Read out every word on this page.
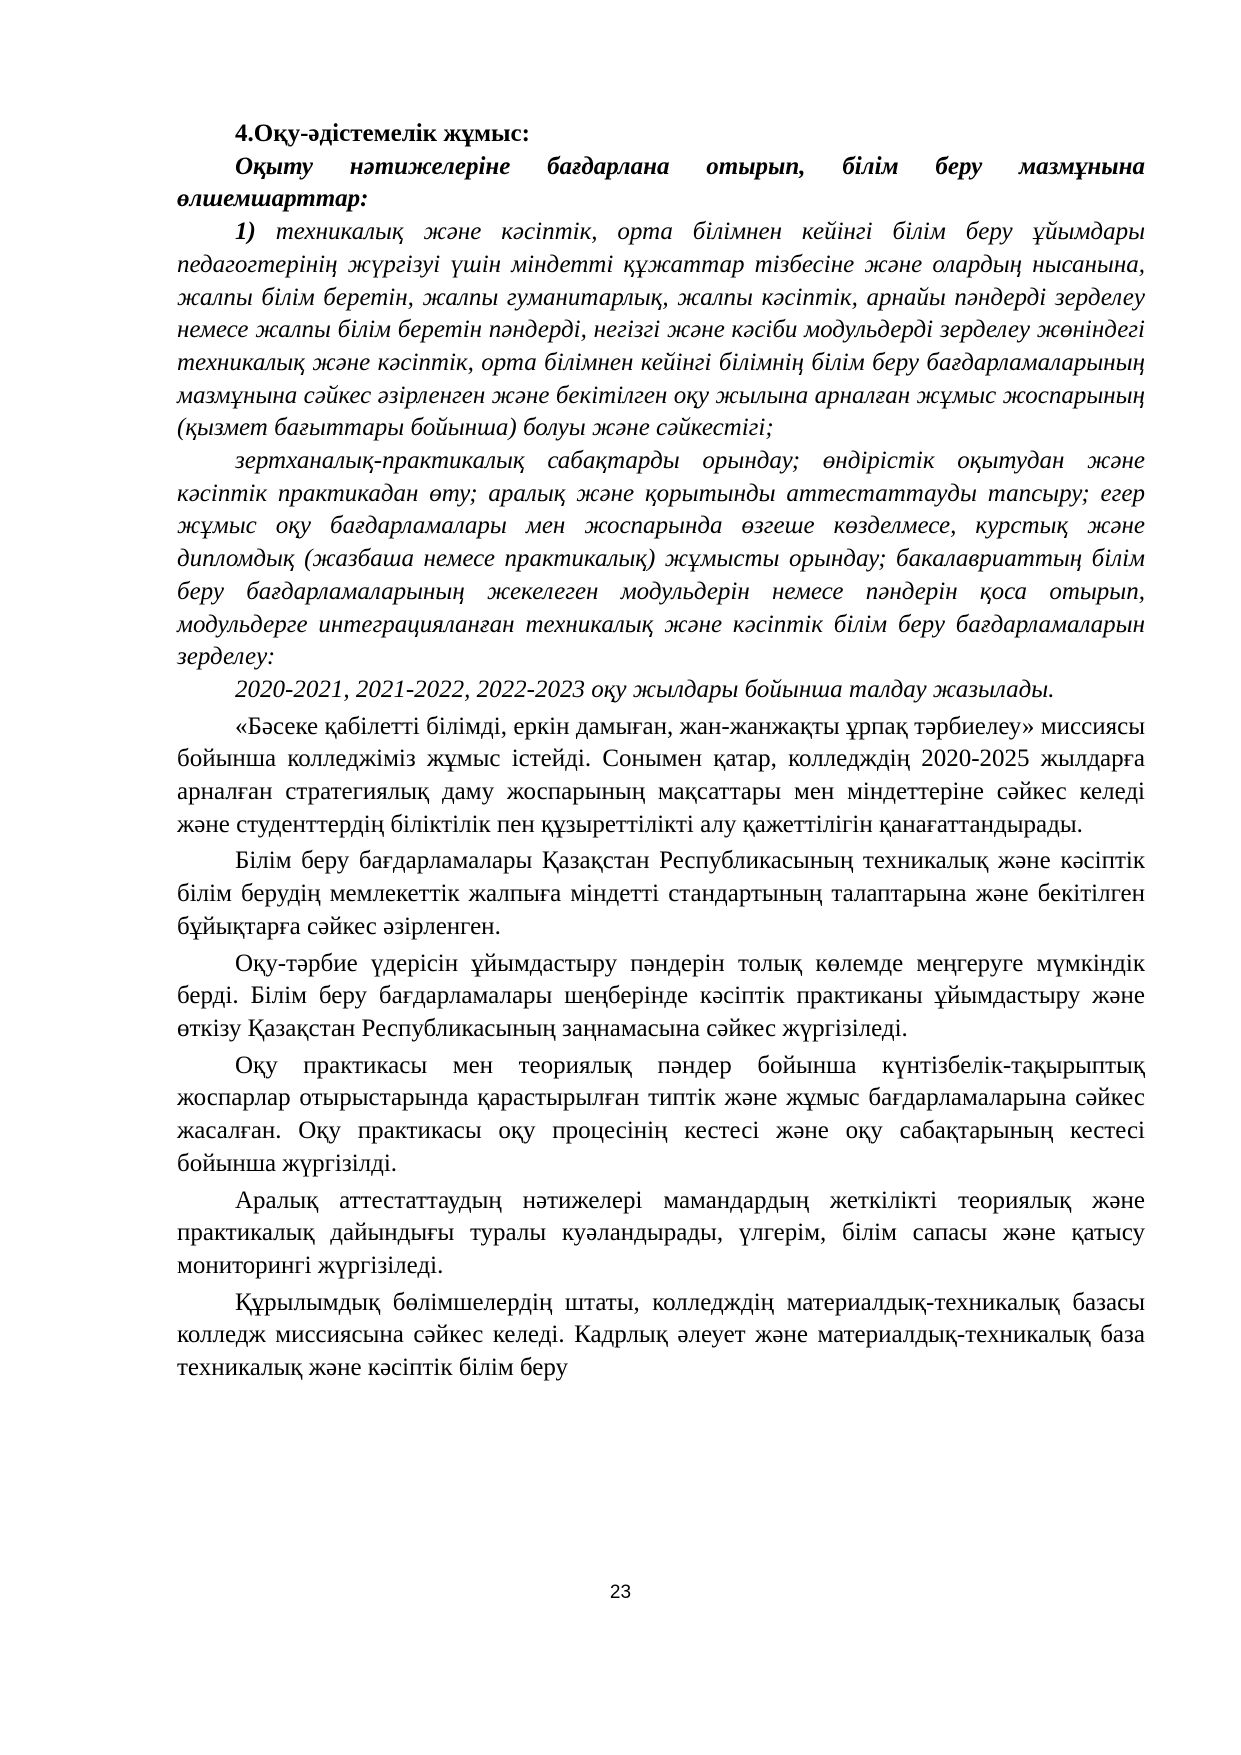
4.Оқу-әдістемелік жұмыс:

Оқыту нәтижелеріне бағдарлана отырып, білім беру мазмұнына өлшемшарттар:

1) техникалық және кәсіптік, орта білімнен кейінгі білім беру ұйымдары педагогтерінің жүргізуі үшін міндетті құжаттар тізбесіне және олардың нысанына, жалпы білім беретін, жалпы гуманитарлық, жалпы кәсіптік, арнайы пәндерді зерделеу немесе жалпы білім беретін пәндерді, негізгі және кәсіби модульдерді зерделеу жөніндегі техникалық және кәсіптік, орта білімнен кейінгі білімнің білім беру бағдарламаларының мазмұнына сәйкес әзірленген және бекітілген оқу жылына арналған жұмыс жоспарының (қызмет бағыттары бойынша) болуы және сәйкестігі;

зертханалық-практикалық сабақтарды орындау; өндірістік оқытудан және кәсіптік практикадан өту; аралық және қорытынды аттестаттауды тапсыру; егер жұмыс оқу бағдарламалары мен жоспарында өзгеше көзделмесе, курстық және дипломдық (жазбаша немесе практикалық) жұмысты орындау; бакалавриаттың білім беру бағдарламаларының жекелеген модульдерін немесе пәндерін қоса отырып, модульдерге интеграцияланған техникалық және кәсіптік білім беру бағдарламаларын зерделеу:

2020-2021, 2021-2022, 2022-2023 оқу жылдары бойынша талдау жазылады.

«Бәсеке қабілетті білімді, еркін дамыған, жан-жанжақты ұрпақ тәрбиелеу» миссиясы бойынша колледжіміз жұмыс істейді. Сонымен қатар, колледждің 2020-2025 жылдарға арналған стратегиялық даму жоспарының мақсаттары мен міндеттеріне сәйкес келеді және студенттердің біліктілік пен құзыреттілікті алу қажеттілігін қанағаттандырады.

Білім беру бағдарламалары Қазақстан Республикасының техникалық және кәсіптік білім берудің мемлекеттік жалпыға міндетті стандартының талаптарына және бекітілген бұйықтарға сәйкес әзірленген.

Оқу-тәрбие үдерісін ұйымдастыру пәндерін толық көлемде меңгеруге мүмкіндік берді. Білім беру бағдарламалары шеңберінде кәсіптік практиканы ұйымдастыру және өткізу Қазақстан Республикасының заңнамасына сәйкес жүргізіледі.

Оқу практикасы мен теориялық пәндер бойынша күнтізбелік-тақырыптық жоспарлар отырыстарында қарастырылған типтік және жұмыс бағдарламаларына сәйкес жасалған. Оқу практикасы оқу процесінің кестесі және оқу сабақтарының кестесі бойынша жүргізілді.

Аралық аттестаттаудың нәтижелері мамандардың жеткілікті теориялық және практикалық дайындығы туралы куәландырады, үлгерім, білім сапасы және қатысу мониторингі жүргізіледі.

Құрылымдық бөлімшелердің штаты, колледждің материалдық-техникалық базасы колледж миссиясына сәйкес келеді. Кадрлық әлеует және материалдық-техникалық база техникалық және кәсіптік білім беру

23
